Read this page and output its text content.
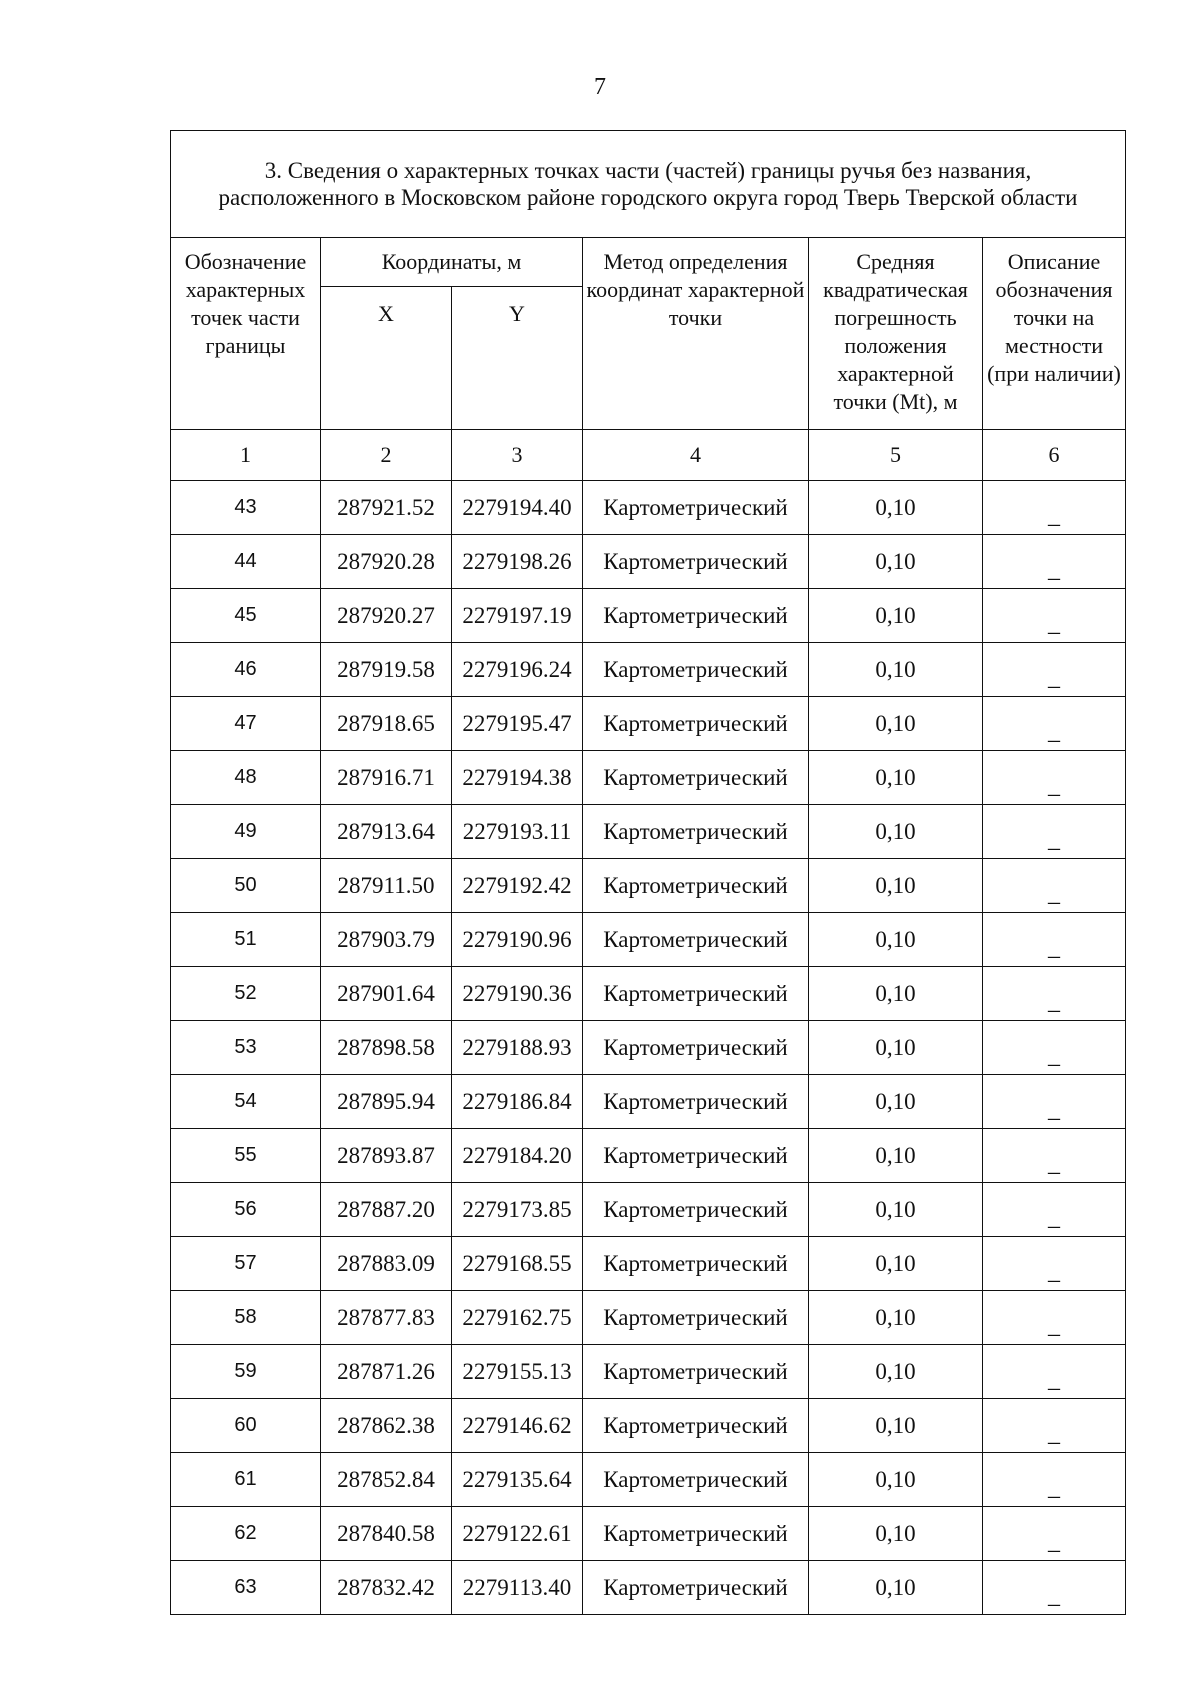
7
3. Сведения о характерных точках части (частей) границы ручья без названия, расположенного в Московском районе городского округа город Тверь Тверской области					
Обозначение характерных точек части границы	Координаты, м		Метод определения координат характерной точки	Средняя квадратическая погрешность положения характерной точки (Mt), м	Описание обозначения точки на местности (при наличии)
	X	Y			
1	2	3	4	5	6
43	287921.52	2279194.40	Картометрический	0,10	_
44	287920.28	2279198.26	Картометрический	0,10	_
45	287920.27	2279197.19	Картометрический	0,10	_
46	287919.58	2279196.24	Картометрический	0,10	_
47	287918.65	2279195.47	Картометрический	0,10	_
48	287916.71	2279194.38	Картометрический	0,10	_
49	287913.64	2279193.11	Картометрический	0,10	_
50	287911.50	2279192.42	Картометрический	0,10	_
51	287903.79	2279190.96	Картометрический	0,10	_
52	287901.64	2279190.36	Картометрический	0,10	_
53	287898.58	2279188.93	Картометрический	0,10	_
54	287895.94	2279186.84	Картометрический	0,10	_
55	287893.87	2279184.20	Картометрический	0,10	_
56	287887.20	2279173.85	Картометрический	0,10	_
57	287883.09	2279168.55	Картометрический	0,10	_
58	287877.83	2279162.75	Картометрический	0,10	_
59	287871.26	2279155.13	Картометрический	0,10	_
60	287862.38	2279146.62	Картометрический	0,10	_
61	287852.84	2279135.64	Картометрический	0,10	_
62	287840.58	2279122.61	Картометрический	0,10	_
63	287832.42	2279113.40	Картометрический	0,10	_
